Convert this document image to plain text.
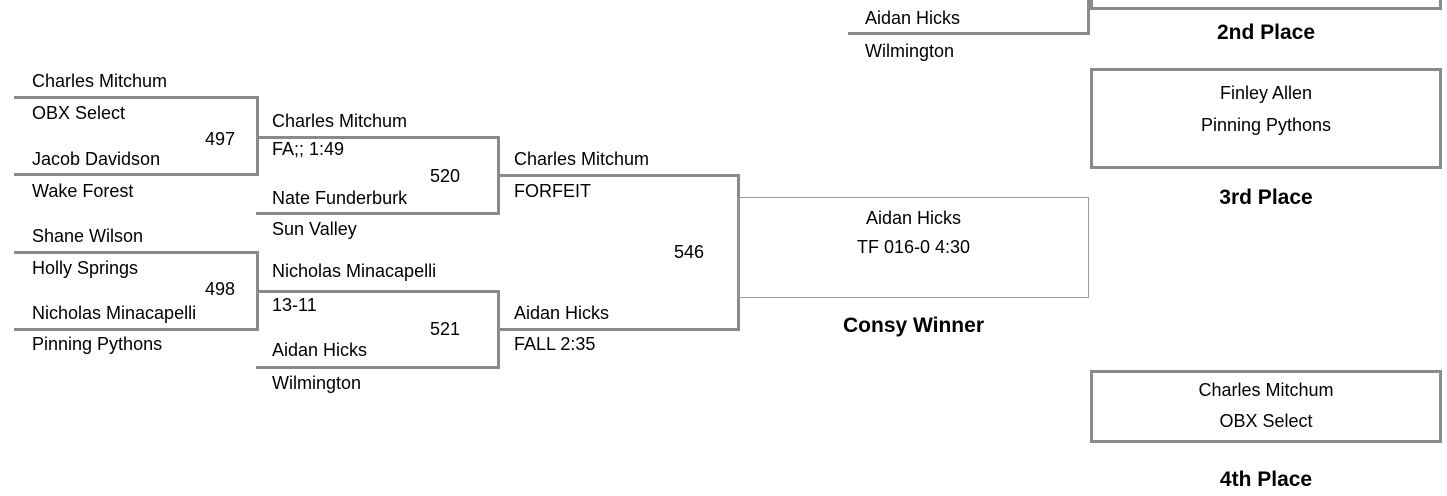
Aidan Hicks
Wilmington
2nd Place
Charles Mitchum
OBX Select
497
Jacob Davidson
Wake Forest
Shane Wilson
Holly Springs
498
Nicholas Minacapelli
Pinning Pythons
Charles Mitchum
FA;; 1:49
520
Nate Funderburk
Sun Valley
Nicholas Minacapelli
13-11
521
Aidan Hicks
Wilmington
Charles Mitchum
FORFEIT
546
Aidan Hicks
FALL 2:35
Aidan Hicks
TF 016-0 4:30
Consy Winner
Finley Allen
Pinning Pythons
3rd Place
Charles Mitchum
OBX Select
4th Place
